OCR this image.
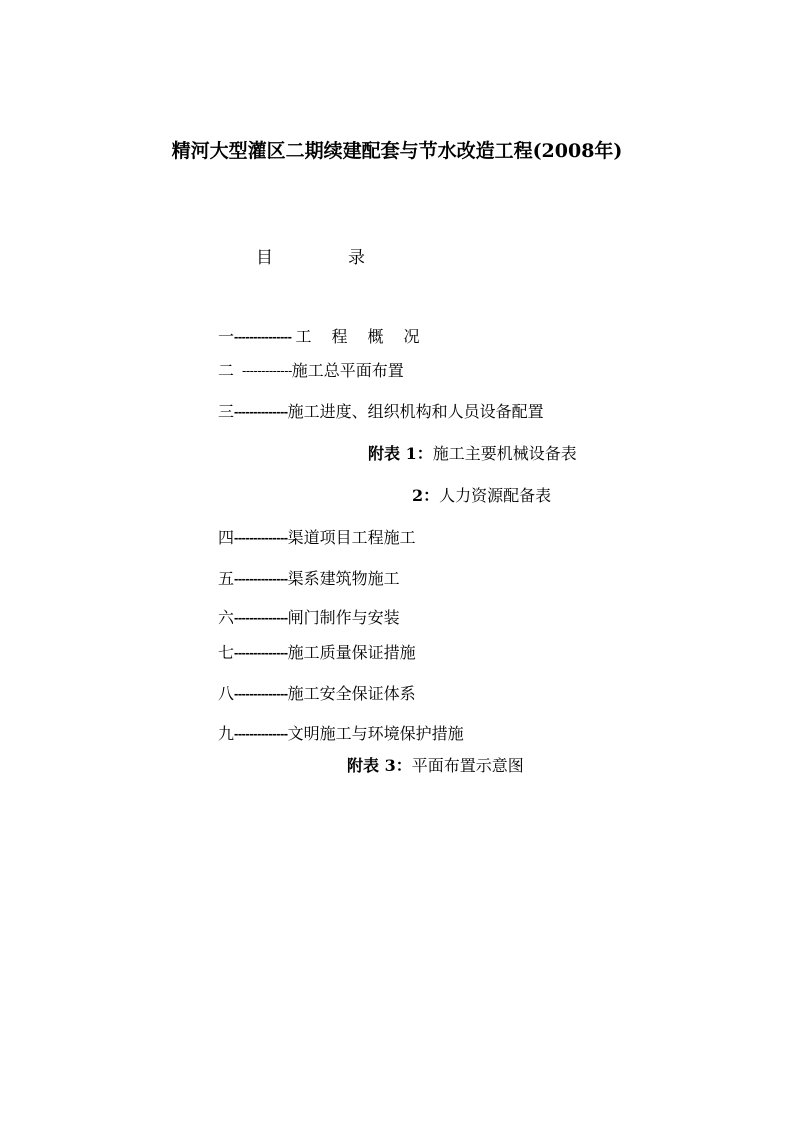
精河大型灌区二期续建配套与节水改造工程(2008年)
目	录
一--------------- 工程概况
二 -------------施工总平面布置
三--------------施工进度、组织机构和人员设备配置
附表 1：施工主要机械设备表
2：人力资源配备表
四--------------渠道项目工程施工
五--------------渠系建筑物施工
六--------------闸门制作与安装
七--------------施工质量保证措施
八--------------施工安全保证体系
九--------------文明施工与环境保护措施
附表 3：平面布置示意图
